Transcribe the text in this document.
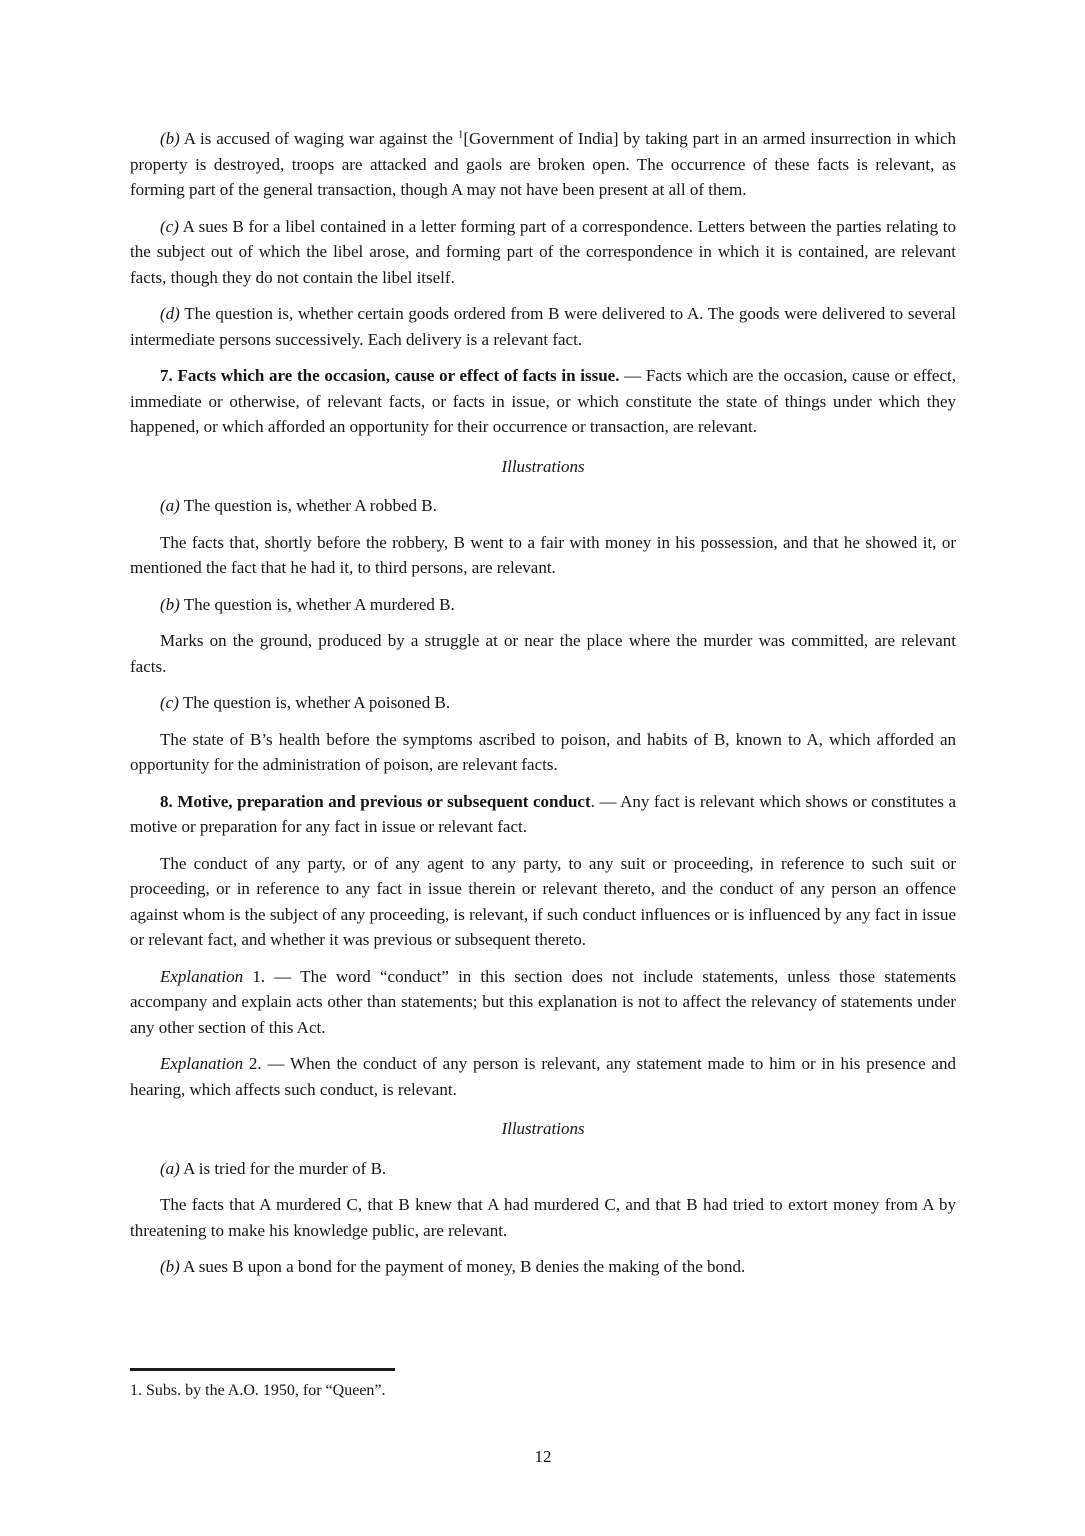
(b) A is accused of waging war against the $^1$[Government of India] by taking part in an armed insurrection in which property is destroyed, troops are attacked and gaols are broken open. The occurrence of these facts is relevant, as forming part of the general transaction, though A may not have been present at all of them.

(c) A sues B for a libel contained in a letter forming part of a correspondence. Letters between the parties relating to the subject out of which the libel arose, and forming part of the correspondence in which it is contained, are relevant facts, though they do not contain the libel itself.

(d) The question is, whether certain goods ordered from B were delivered to A. The goods were delivered to several intermediate persons successively. Each delivery is a relevant fact.

7. Facts which are the occasion, cause or effect of facts in issue. — Facts which are the occasion, cause or effect, immediate or otherwise, of relevant facts, or facts in issue, or which constitute the state of things under which they happened, or which afforded an opportunity for their occurrence or transaction, are relevant.

Illustrations

(a) The question is, whether A robbed B.

The facts that, shortly before the robbery, B went to a fair with money in his possession, and that he showed it, or mentioned the fact that he had it, to third persons, are relevant.

(b) The question is, whether A murdered B.

Marks on the ground, produced by a struggle at or near the place where the murder was committed, are relevant facts.

(c) The question is, whether A poisoned B.

The state of B’s health before the symptoms ascribed to poison, and habits of B, known to A, which afforded an opportunity for the administration of poison, are relevant facts.

8. Motive, preparation and previous or subsequent conduct. — Any fact is relevant which shows or constitutes a motive or preparation for any fact in issue or relevant fact.

The conduct of any party, or of any agent to any party, to any suit or proceeding, in reference to such suit or proceeding, or in reference to any fact in issue therein or relevant thereto, and the conduct of any person an offence against whom is the subject of any proceeding, is relevant, if such conduct influences or is influenced by any fact in issue or relevant fact, and whether it was previous or subsequent thereto.

Explanation 1. — The word “conduct” in this section does not include statements, unless those statements accompany and explain acts other than statements; but this explanation is not to affect the relevancy of statements under any other section of this Act.

Explanation 2. — When the conduct of any person is relevant, any statement made to him or in his presence and hearing, which affects such conduct, is relevant.

Illustrations

(a) A is tried for the murder of B.

The facts that A murdered C, that B knew that A had murdered C, and that B had tried to extort money from A by threatening to make his knowledge public, are relevant.

(b) A sues B upon a bond for the payment of money, B denies the making of the bond.

1. Subs. by the A.O. 1950, for “Queen”.

12
